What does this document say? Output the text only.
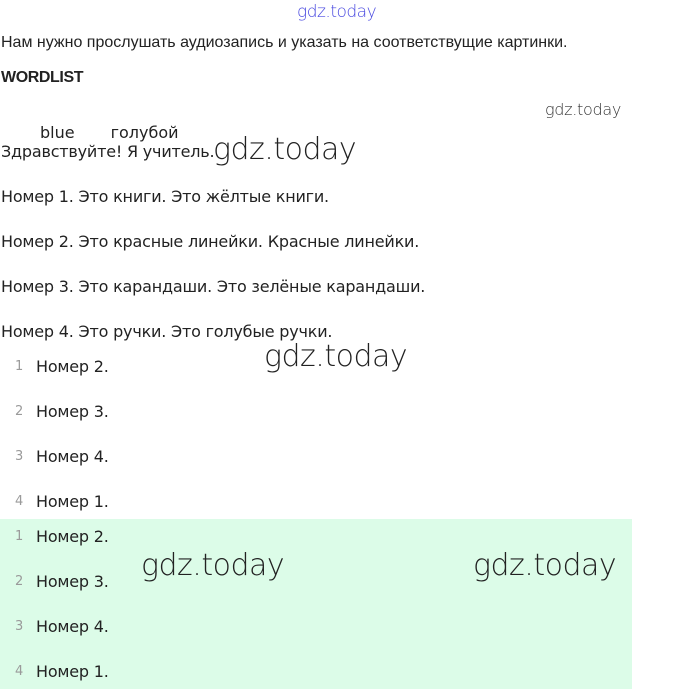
gdz.today
Нам нужно прослушать аудиозапись и указать на соответствущие картинки.
WORDLIST
gdz.today
blue голубой
Здравствуйте! Я учитель.
gdz.today
Номер 1. Это книги. Это жёлтые книги.
Номер 2. Это красные линейки. Красные линейки.
Номер 3. Это карандаши. Это зелёные карандаши.
Номер 4. Это ручки. Это голубые ручки.
1 Номер 2.	gdz.today
2 Номер 3.
3 Номер 4.
4 Номер 1.
1 Номер 2.
2 Номер 3. gdz.today	gdz.today
3 Номер 4.
4 Номер 1.
